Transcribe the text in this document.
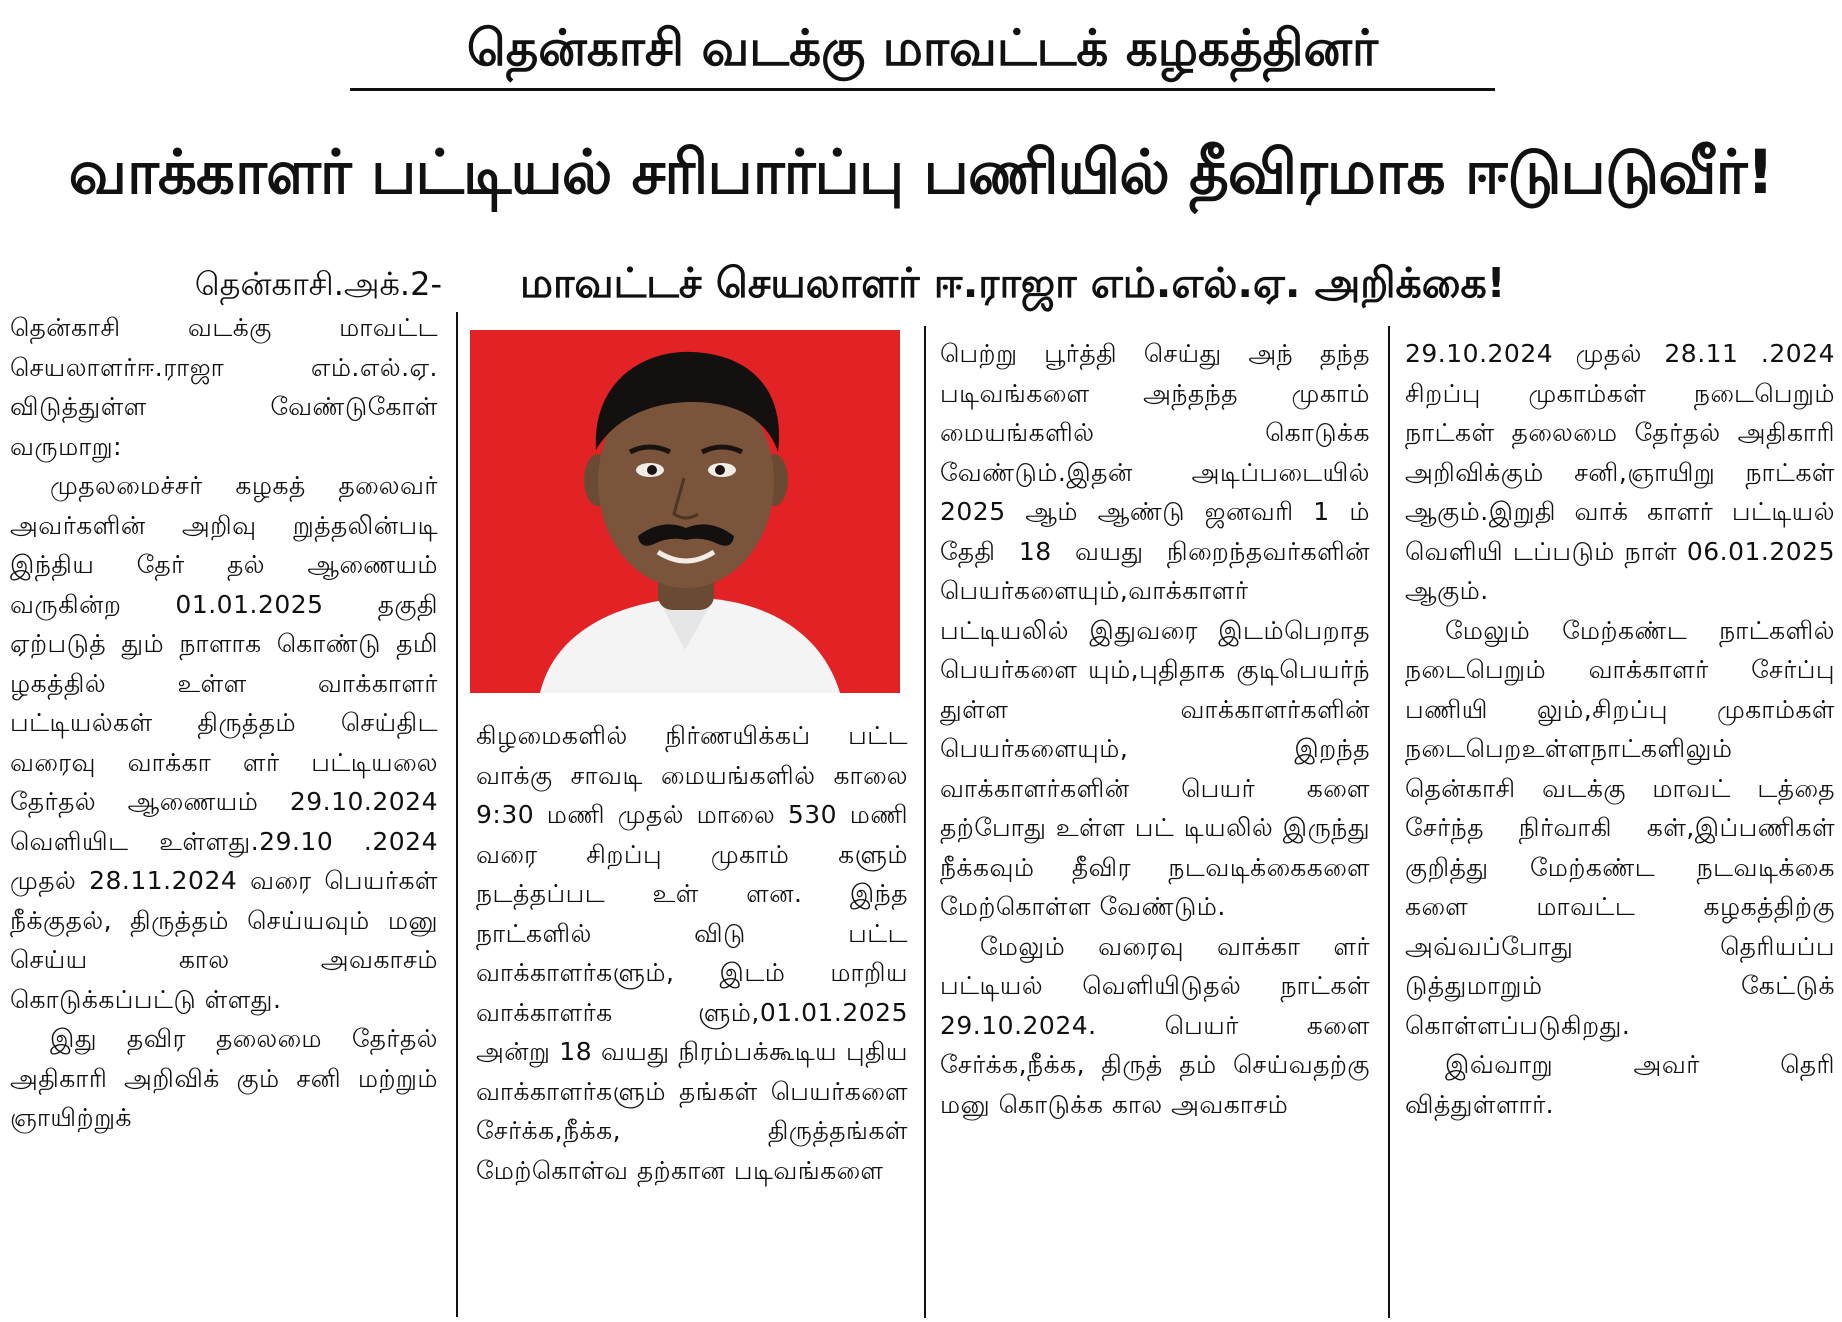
தென்காசி வடக்கு மாவட்டக் கழகத்தினர்
வாக்காளர் பட்டியல் சரிபார்ப்பு பணியில் தீவிரமாக ஈடுபடுவீர்!
தென்காசி.அக்.2- மாவட்டச் செயலாளர் ஈ.ராஜா எம்.எல்.ஏ. அறிக்கை!

தென்காசி வடக்கு மாவட்ட செயலாளர்ஈ.ராஜா எம்.எல்.ஏ. விடுத்துள்ள வேண்டுகோள் வருமாறு:

முதலமைச்சர் கழகத் தலைவர் அவர்களின் அறிவு றுத்தலின்படி இந்திய தேர் தல் ஆணையம் வருகின்ற 01.01.2025 தகுதி ஏற்படுத் தும் நாளாக கொண்டு தமி ழகத்தில் உள்ள வாக்காளர் பட்டியல்கள் திருத்தம் செய்திட வரைவு வாக்கா ளர் பட்டியலை தேர்தல் ஆணையம் 29.10.2024 வெளியிட உள்ளது.29.10 .2024 முதல் 28.11.2024 வரை பெயர்கள் நீக்குதல், திருத்தம் செய்யவும் மனு செய்ய கால அவகாசம் கொடுக்கப்பட்டு ள்ளது.

இது தவிர தலைமை தேர்தல் அதிகாரி அறிவிக் கும் சனி மற்றும் ஞாயிற்றுக்

கிழமைகளில் நிர்ணயிக்கப் பட்ட வாக்கு சாவடி மையங்களில் காலை 9:30 மணி முதல் மாலை 530 மணி வரை சிறப்பு முகாம் களும் நடத்தப்பட உள் ளன. இந்த நாட்களில் விடு பட்ட வாக்காளர்களும், இடம் மாறிய வாக்காளர்க ளும்,01.01.2025 அன்று 18 வயது நிரம்பக்கூடிய புதிய வாக்காளர்களும் தங்கள் பெயர்களை சேர்க்க,நீக்க, திருத்தங்கள் மேற்கொள்வ தற்கான படிவங்களை

பெற்று பூர்த்தி செய்து அந் தந்த படிவங்களை அந்தந்த முகாம் மையங்களில் கொடுக்க வேண்டும்.இதன் அடிப்படையில் 2025 ஆம் ஆண்டு ஜனவரி 1 ம் தேதி 18 வயது நிறைந்தவர்களின் பெயர்களையும்,வாக்காளர் பட்டியலில் இதுவரை இடம்பெறாத பெயர்களை யும்,புதிதாக குடிபெயர்ந் துள்ள வாக்காளர்களின் பெயர்களையும், இறந்த வாக்காளர்களின் பெயர் களை தற்போது உள்ள பட் டியலில் இருந்து நீக்கவும் தீவிர நடவடிக்கைகளை மேற்கொள்ள வேண்டும்.

மேலும் வரைவு வாக்கா ளர் பட்டியல் வெளியிடுதல் நாட்கள் 29.10.2024. பெயர் களை சேர்க்க,நீக்க, திருத் தம் செய்வதற்கு மனு கொடுக்க கால அவகாசம்

29.10.2024 முதல் 28.11 .2024 சிறப்பு முகாம்கள் நடைபெறும் நாட்கள் தலைமை தேர்தல் அதிகாரி அறிவிக்கும் சனி,ஞாயிறு நாட்கள் ஆகும்.இறுதி வாக் காளர் பட்டியல் வெளியி டப்படும் நாள் 06.01.2025 ஆகும்.

மேலும் மேற்கண்ட நாட்களில் நடைபெறும் வாக்காளர் சேர்ப்பு பணியி லும்,சிறப்பு முகாம்கள் நடைபெறஉள்ளநாட்களிலும் தென்காசி வடக்கு மாவட் டத்தை சேர்ந்த நிர்வாகி கள்,இப்பணிகள் குறித்து மேற்கண்ட நடவடிக்கை களை மாவட்ட கழகத்திற்கு அவ்வப்போது தெரியப்ப டுத்துமாறும் கேட்டுக் கொள்ளப்படுகிறது.

இவ்வாறு அவர் தெரி வித்துள்ளார்.
